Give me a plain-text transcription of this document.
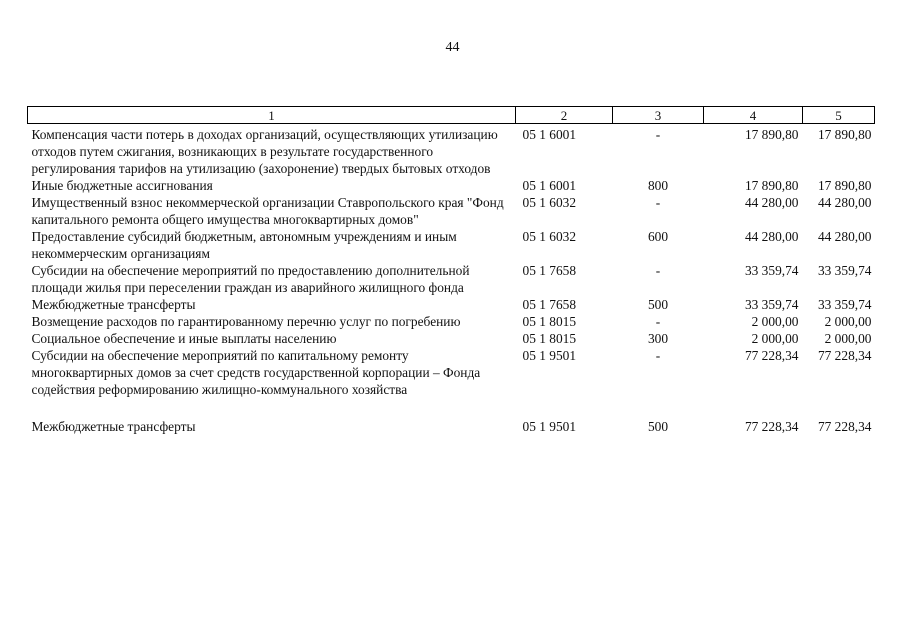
44
1	2	3	4	5
Компенсация части потерь в доходах организаций, осуществляющих утилизацию отходов путем сжигания, возникающих в результате государственного регулирования тарифов на утилизацию (захоронение) твердых бытовых отходов	05 1 6001	-	17 890,80	17 890,80
Иные бюджетные ассигнования	05 1 6001	800	17 890,80	17 890,80
Имущественный взнос некоммерческой организации Ставропольского края "Фонд капитального ремонта общего имущества многоквартирных домов"	05 1 6032	-	44 280,00	44 280,00
Предоставление субсидий бюджетным, автономным учреждениям и иным некоммерческим организациям	05 1 6032	600	44 280,00	44 280,00
Субсидии на обеспечение мероприятий по предоставлению дополнительной площади жилья при переселении граждан из аварийного жилищного фонда	05 1 7658	-	33 359,74	33 359,74
Межбюджетные трансферты	05 1 7658	500	33 359,74	33 359,74
Возмещение расходов по гарантированному перечню услуг по погребению	05 1 8015	-	2 000,00	2 000,00
Социальное обеспечение и иные выплаты населению	05 1 8015	300	2 000,00	2 000,00
Субсидии на обеспечение мероприятий по капитальному ремонту многоквартирных домов за счет средств государственной корпорации – Фонда содействия реформированию жилищно-коммунального хозяйства	05 1 9501	-	77 228,34	77 228,34

Межбюджетные трансферты	05 1 9501	500	77 228,34	77 228,34
